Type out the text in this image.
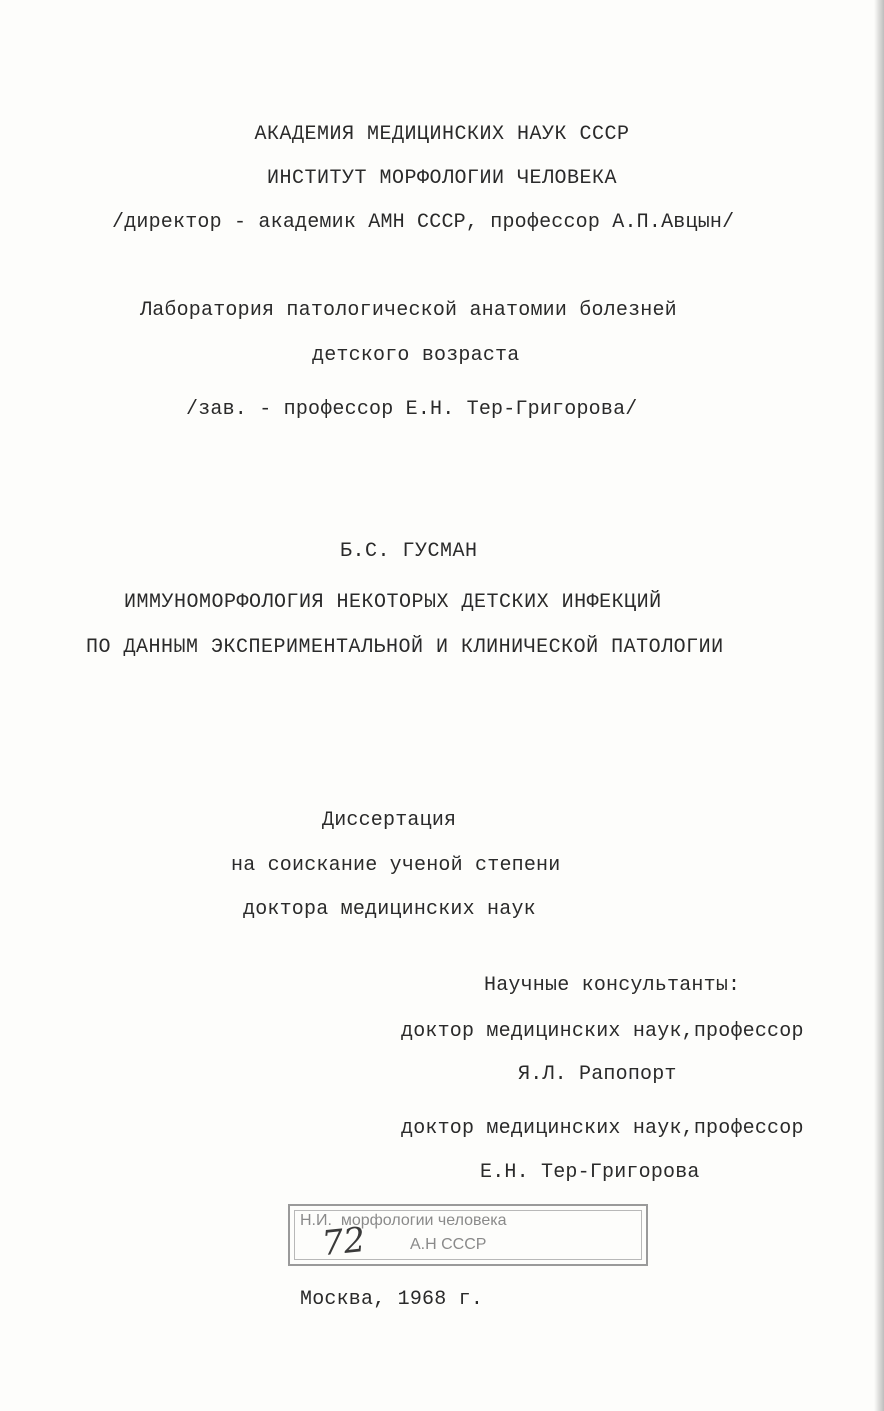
АКАДЕМИЯ МЕДИЦИНСКИХ НАУК СССР
ИНСТИТУТ МОРФОЛОГИИ ЧЕЛОВЕКА
/директор - академик АМН СССР, профессор А.П.Авцын/
Лаборатория патологической анатомии болезней
детского возраста
/зав. - профессор Е.Н. Тер-Григорова/
Б.С. ГУСМАН
ИММУНОМОРФОЛОГИЯ НЕКОТОРЫХ ДЕТСКИХ ИНФЕКЦИЙ
ПО ДАННЫМ ЭКСПЕРИМЕНТАЛЬНОЙ И КЛИНИЧЕСКОЙ ПАТОЛОГИИ
Диссертация
на соискание ученой степени
доктора медицинских наук
Научные консультанты:
доктор медицинских наук,профессор
Я.Л. Рапопорт
доктор медицинских наук,профессор
Е.Н. Тер-Григорова
Н.И.  морфологии человека
А.Н СССР
72
Москва, 1968 г.
